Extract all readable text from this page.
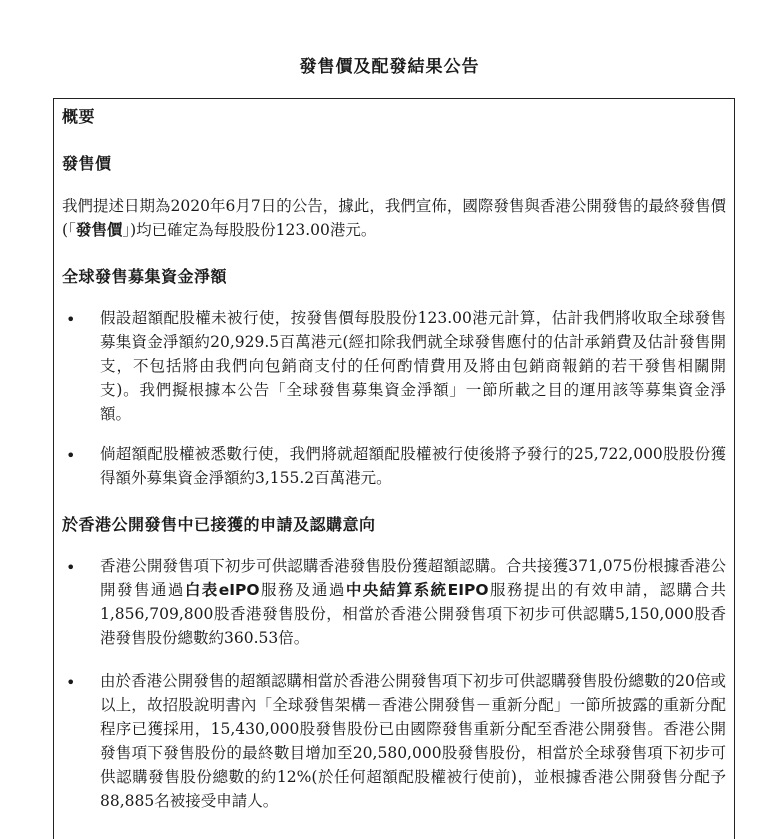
發售價及配發結果公告
概要
發售價
我們提述日期為2020年6月7日的公告，據此，我們宣佈，國際發售與香港公開發售的最終發售價(「發售價」)均已確定為每股股份123.00港元。
全球發售募集資金淨額
• 假設超額配股權未被行使，按發售價每股股份123.00港元計算，估計我們將收取全球發售募集資金淨額約20,929.5百萬港元(經扣除我們就全球發售應付的估計承銷費及估計發售開支，不包括將由我們向包銷商支付的任何酌情費用及將由包銷商報銷的若干發售相關開支)。我們擬根據本公告「全球發售募集資金淨額」一節所載之目的運用該等募集資金淨額。
• 倘超額配股權被悉數行使，我們將就超額配股權被行使後將予發行的25,722,000股股份獲得額外募集資金淨額約3,155.2百萬港元。
於香港公開發售中已接獲的申請及認購意向
• 香港公開發售項下初步可供認購香港發售股份獲超額認購。合共接獲371,075份根據香港公開發售通過白表eIPO服務及通過中央結算系統EIPO服務提出的有效申請，認購合共1,856,709,800股香港發售股份，相當於香港公開發售項下初步可供認購5,150,000股香港發售股份總數約360.53倍。
• 由於香港公開發售的超額認購相當於香港公開發售項下初步可供認購發售股份總數的20倍或以上，故招股說明書內「全球發售架構－香港公開發售－重新分配」一節所披露的重新分配程序已獲採用，15,430,000股發售股份已由國際發售重新分配至香港公開發售。香港公開發售項下發售股份的最終數目增加至20,580,000股發售股份，相當於全球發售項下初步可供認購發售股份總數的約12%(於任何超額配股權被行使前)，並根據香港公開發售分配予88,885名被接受申請人。
